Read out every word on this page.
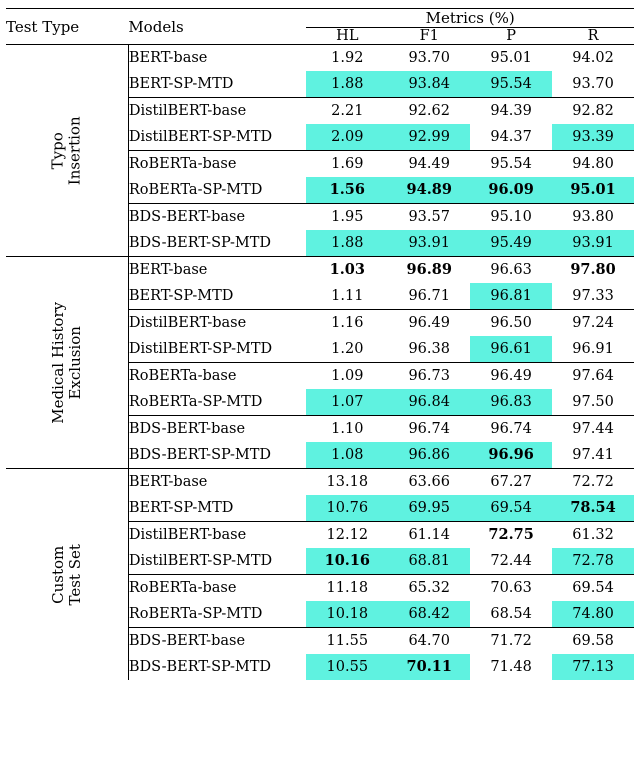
Test Type	Models	Metrics (%)			
		HL	F1	P	R

Typo
Insertion	BERT-base	1.92	93.70	95.01	94.02
	BERT-SP-MTD	1.88	93.84	95.54	93.70
	DistilBERT-base	2.21	92.62	94.39	92.82
	DistilBERT-SP-MTD	2.09	92.99	94.37	93.39

	RoBERTa-base	1.69	94.49	95.54	94.80
	RoBERTa-SP-MTD	1.56	94.89	96.09	95.01

	BDS-BERT-base	1.95	93.57	95.10	93.80
	BDS-BERT-SP-MTD	1.88	93.91	95.49	93.91

Medical History
Exclusion	BERT-base	1.03	96.89	96.63	97.80
	BERT-SP-MTD	1.11	96.71	96.81	97.33
	DistilBERT-base	1.16	96.49	96.50	97.24
	DistilBERT-SP-MTD	1.20	96.38	96.61	96.91
	RoBERTa-base	1.09	96.73	96.49	97.64
	RoBERTa-SP-MTD	1.07	96.84	96.83	97.50
	BDS-BERT-base	1.10	96.74	96.74	97.44
	BDS-BERT-SP-MTD	1.08	96.86	96.96	97.41

Custom
Test Set	BERT-base	13.18	63.66	67.27	72.72
	BERT-SP-MTD	10.76	69.95	69.54	78.54

	DistilBERT-base	12.12	61.14	72.75	61.32
	DistilBERT-SP-MTD	10.16	68.81	72.44	72.78

	RoBERTa-base	11.18	65.32	70.63	69.54
	RoBERTa-SP-MTD	10.18	68.42	68.54	74.80

	BDS-BERT-base	11.55	64.70	71.72	69.58
	BDS-BERT-SP-MTD	10.55	70.11	71.48	77.13
